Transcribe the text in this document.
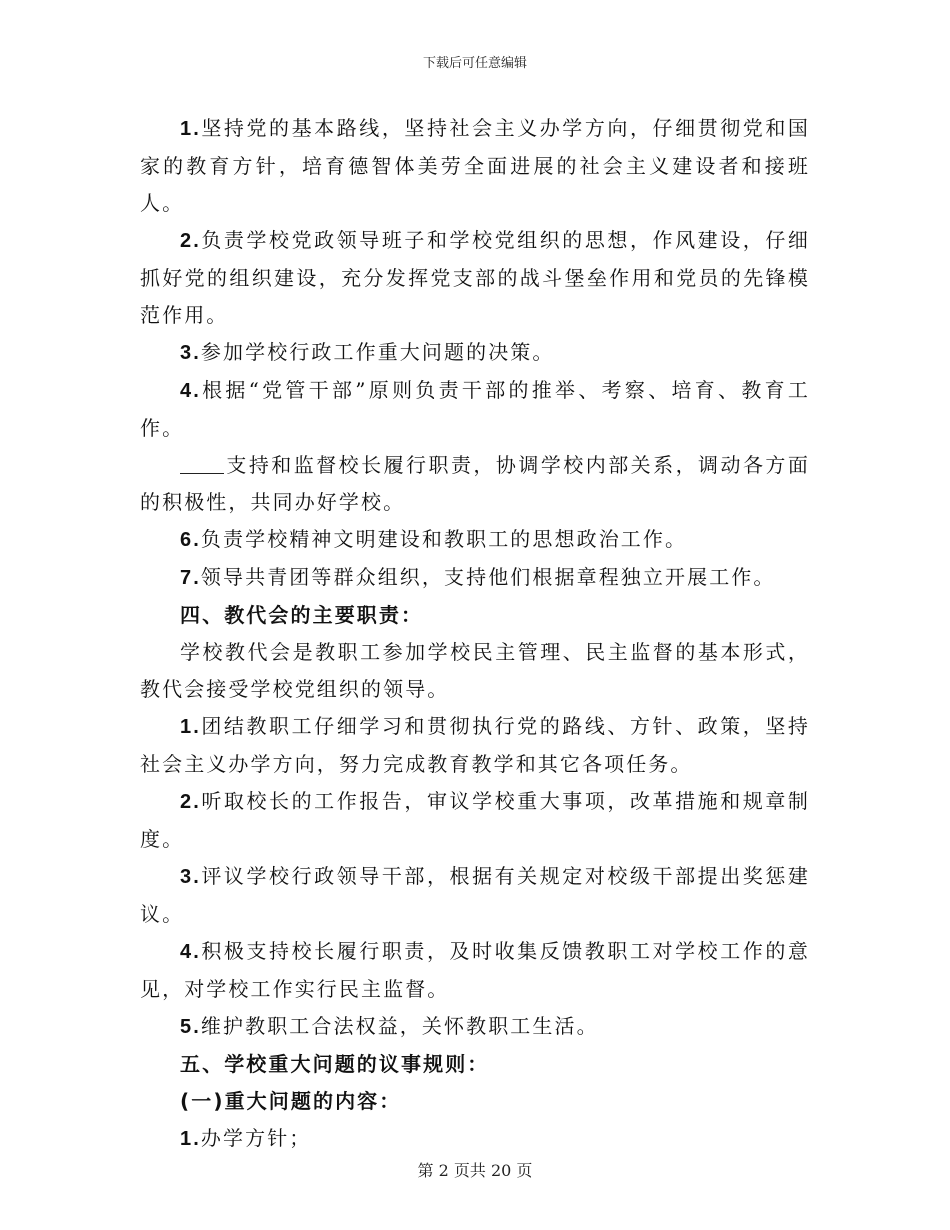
下载后可任意编辑

1.坚持党的基本路线，坚持社会主义办学方向，仔细贯彻党和国家的教育方针，培育德智体美劳全面进展的社会主义建设者和接班人。

2.负责学校党政领导班子和学校党组织的思想，作风建设，仔细抓好党的组织建设，充分发挥党支部的战斗堡垒作用和党员的先锋模范作用。

3.参加学校行政工作重大问题的决策。

4.根据“党管干部”原则负责干部的推举、考察、培育、教育工作。

支持和监督校长履行职责，协调学校内部关系，调动各方面的积极性，共同办好学校。

6.负责学校精神文明建设和教职工的思想政治工作。

7.领导共青团等群众组织，支持他们根据章程独立开展工作。

四、教代会的主要职责：

学校教代会是教职工参加学校民主管理、民主监督的基本形式，教代会接受学校党组织的领导。

1.团结教职工仔细学习和贯彻执行党的路线、方针、政策，坚持社会主义办学方向，努力完成教育教学和其它各项任务。

2.听取校长的工作报告，审议学校重大事项，改革措施和规章制度。

3.评议学校行政领导干部，根据有关规定对校级干部提出奖惩建议。

4.积极支持校长履行职责，及时收集反馈教职工对学校工作的意见，对学校工作实行民主监督。

5.维护教职工合法权益，关怀教职工生活。

五、学校重大问题的议事规则：

(一)重大问题的内容：

1.办学方针；

第 2 页共 20 页
